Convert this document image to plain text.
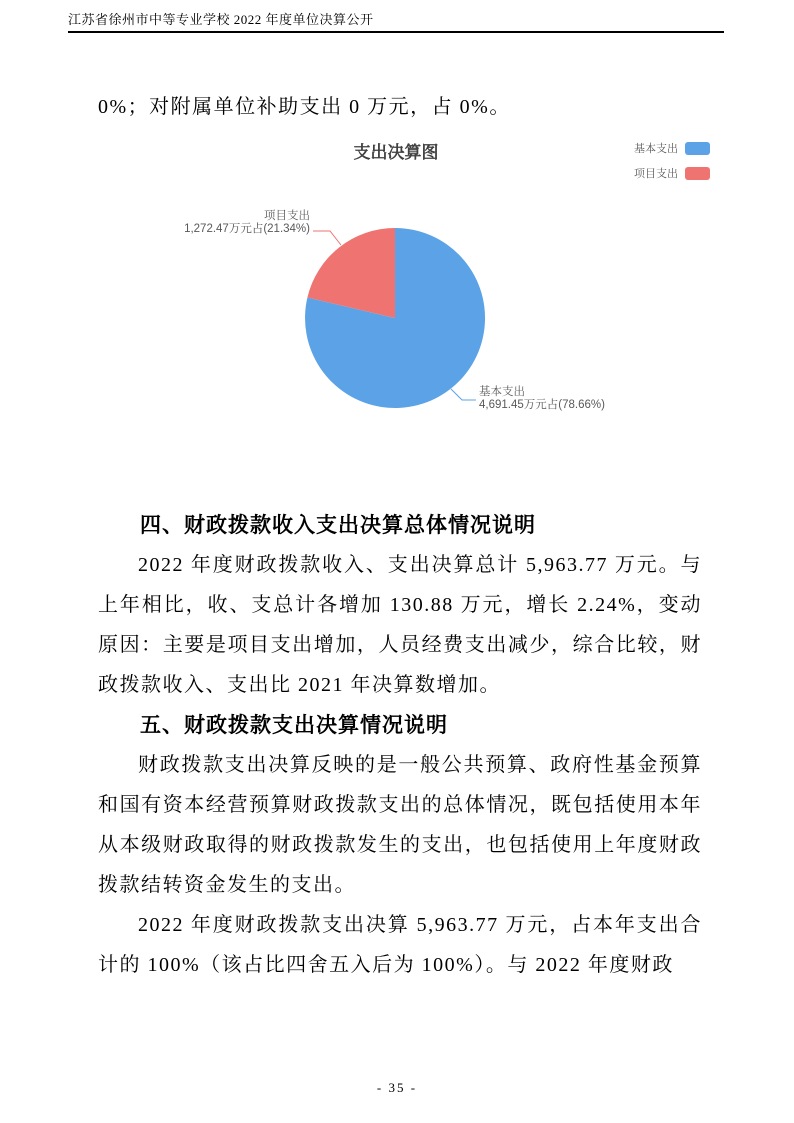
江苏省徐州市中等专业学校 2022 年度单位决算公开
0%；对附属单位补助支出 0 万元，占 0%。
支出决算图	基本支出
项目支出
项目支出
1,272.47万元占(21.34%)
基本支出
4,691.45万元占(78.66%)
四、财政拨款收入支出决算总体情况说明
2022 年度财政拨款收入、支出决算总计 5,963.77 万元。与上年相比，收、支总计各增加 130.88 万元，增长 2.24%，变动原因：主要是项目支出增加，人员经费支出减少，综合比较，财政拨款收入、支出比 2021 年决算数增加。
五、财政拨款支出决算情况说明
财政拨款支出决算反映的是一般公共预算、政府性基金预算和国有资本经营预算财政拨款支出的总体情况，既包括使用本年从本级财政取得的财政拨款发生的支出，也包括使用上年度财政拨款结转资金发生的支出。
2022 年度财政拨款支出决算 5,963.77 万元，占本年支出合计的 100%（该占比四舍五入后为 100%）。与 2022 年度财政
- 35 -
